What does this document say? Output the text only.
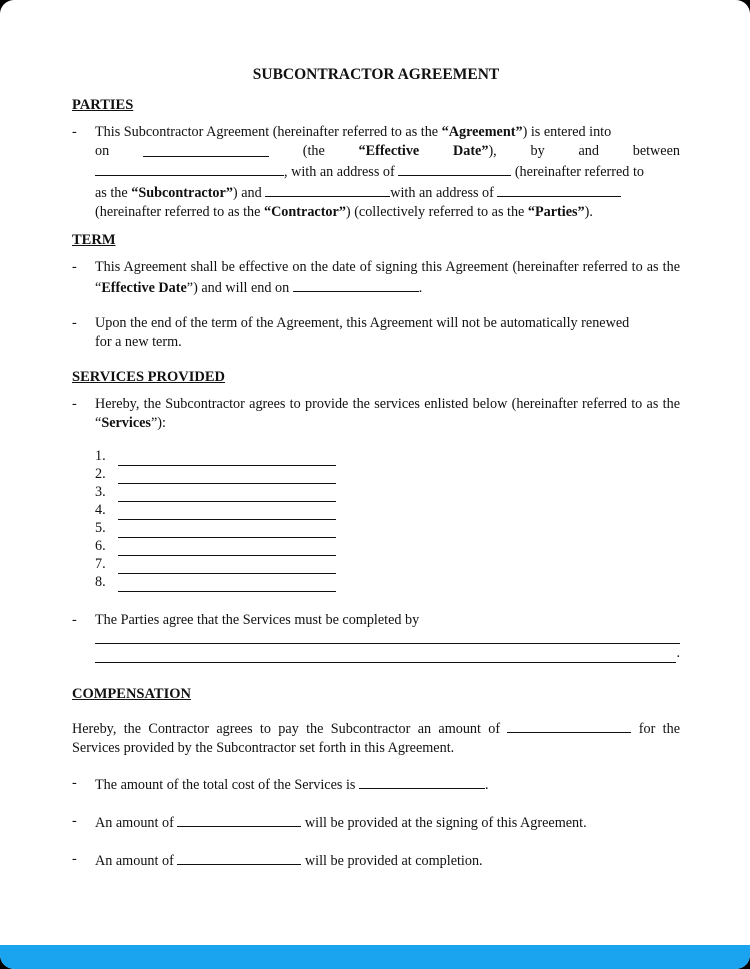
SUBCONTRACTOR AGREEMENT
PARTIES
- This Subcontractor Agreement (hereinafter referred to as the “Agreement”) is entered into
on	(the “Effective Date”), by and between
, with an address of	(hereinafter referred to
as the “Subcontractor”) and	with an address of
(hereinafter referred to as the “Contractor”) (collectively referred to as the “Parties”).
TERM
- This Agreement shall be effective on the date of signing this Agreement (hereinafter referred to as the “Effective Date”) and will end on	.
- Upon the end of the term of the Agreement, this Agreement will not be automatically renewed for a new term.
SERVICES PROVIDED
- Hereby, the Subcontractor agrees to provide the services enlisted below (hereinafter referred to as the “Services”):
1.
2.
3.
4.
5.
6.
7.
8.
- The Parties agree that the Services must be completed by
.
COMPENSATION
Hereby, the Contractor agrees to pay the Subcontractor an amount of	for the Services provided by the Subcontractor set forth in this Agreement.
- The amount of the total cost of the Services is	.
- An amount of	will be provided at the signing of this Agreement.
- An amount of	will be provided at completion.
